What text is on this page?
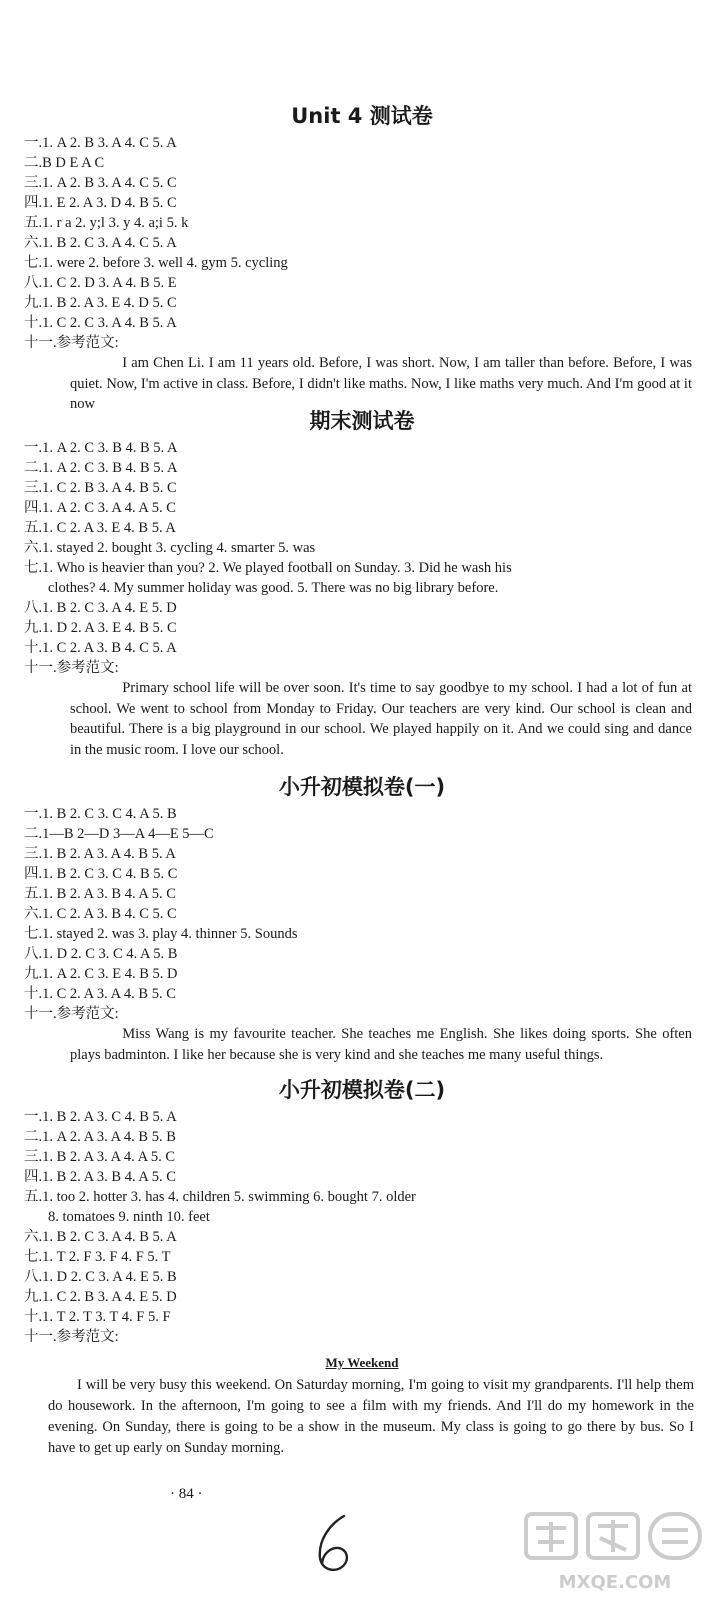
Unit 4 测试卷
一.1. A 2. B 3. A 4. C 5. A
二.B D E A C
三.1. A 2. B 3. A 4. C 5. C
四.1. E 2. A 3. D 4. B 5. C
五.1. r a 2. y;l 3. y 4. a;i 5. k
六.1. B 2. C 3. A 4. C 5. A
七.1. were 2. before 3. well 4. gym 5. cycling
八.1. C 2. D 3. A 4. B 5. E
九.1. B 2. A 3. E 4. D 5. C
十.1. C 2. C 3. A 4. B 5. A
十一.参考范文:

I am Chen Li. I am 11 years old. Before, I was short. Now, I am taller than before. Before, I was quiet. Now, I'm active in class. Before, I didn't like maths. Now, I like maths very much. And I'm good at it now

期末测试卷
一.1. A 2. C 3. B 4. B 5. A
二.1. A 2. C 3. B 4. B 5. A
三.1. C 2. B 3. A 4. B 5. C
四.1. A 2. C 3. A 4. A 5. C
五.1. C 2. A 3. E 4. B 5. A
六.1. stayed 2. bought 3. cycling 4. smarter 5. was
七.1. Who is heavier than you? 2. We played football on Sunday. 3. Did he wash his
clothes? 4. My summer holiday was good. 5. There was no big library before.
八.1. B 2. C 3. A 4. E 5. D
九.1. D 2. A 3. E 4. B 5. C
十.1. C 2. A 3. B 4. C 5. A
十一.参考范文:

Primary school life will be over soon. It's time to say goodbye to my school. I had a lot of fun at school. We went to school from Monday to Friday. Our teachers are very kind. Our school is clean and beautiful. There is a big playground in our school. We played happily on it. And we could sing and dance in the music room. I love our school.

小升初模拟卷(一)
一.1. B 2. C 3. C 4. A 5. B
二.1—B 2—D 3—A 4—E 5—C
三.1. B 2. A 3. A 4. B 5. A
四.1. B 2. C 3. C 4. B 5. C
五.1. B 2. A 3. B 4. A 5. C
六.1. C 2. A 3. B 4. C 5. C
七.1. stayed 2. was 3. play 4. thinner 5. Sounds
八.1. D 2. C 3. C 4. A 5. B
九.1. A 2. C 3. E 4. B 5. D
十.1. C 2. A 3. A 4. B 5. C
十一.参考范文:

Miss Wang is my favourite teacher. She teaches me English. She likes doing sports. She often plays badminton. I like her because she is very kind and she teaches me many useful things.

小升初模拟卷(二)
一.1. B 2. A 3. C 4. B 5. A
二.1. A 2. A 3. A 4. B 5. B
三.1. B 2. A 3. A 4. A 5. C
四.1. B 2. A 3. B 4. A 5. C
五.1. too 2. hotter 3. has 4. children 5. swimming 6. bought 7. older
8. tomatoes 9. ninth 10. feet
六.1. B 2. C 3. A 4. B 5. A
七.1. T 2. F 3. F 4. F 5. T
八.1. D 2. C 3. A 4. E 5. B
九.1. C 2. B 3. A 4. E 5. D
十.1. T 2. T 3. T 4. F 5. F
十一.参考范文:
My Weekend

I will be very busy this weekend. On Saturday morning, I'm going to visit my grandparents. I'll help them do housework. In the afternoon, I'm going to see a film with my friends. And I'll do my homework in the evening. On Sunday, there is going to be a show in the museum. My class is going to go there by bus. So I have to get up early on Sunday morning.

· 84 ·
MXQE.COM
